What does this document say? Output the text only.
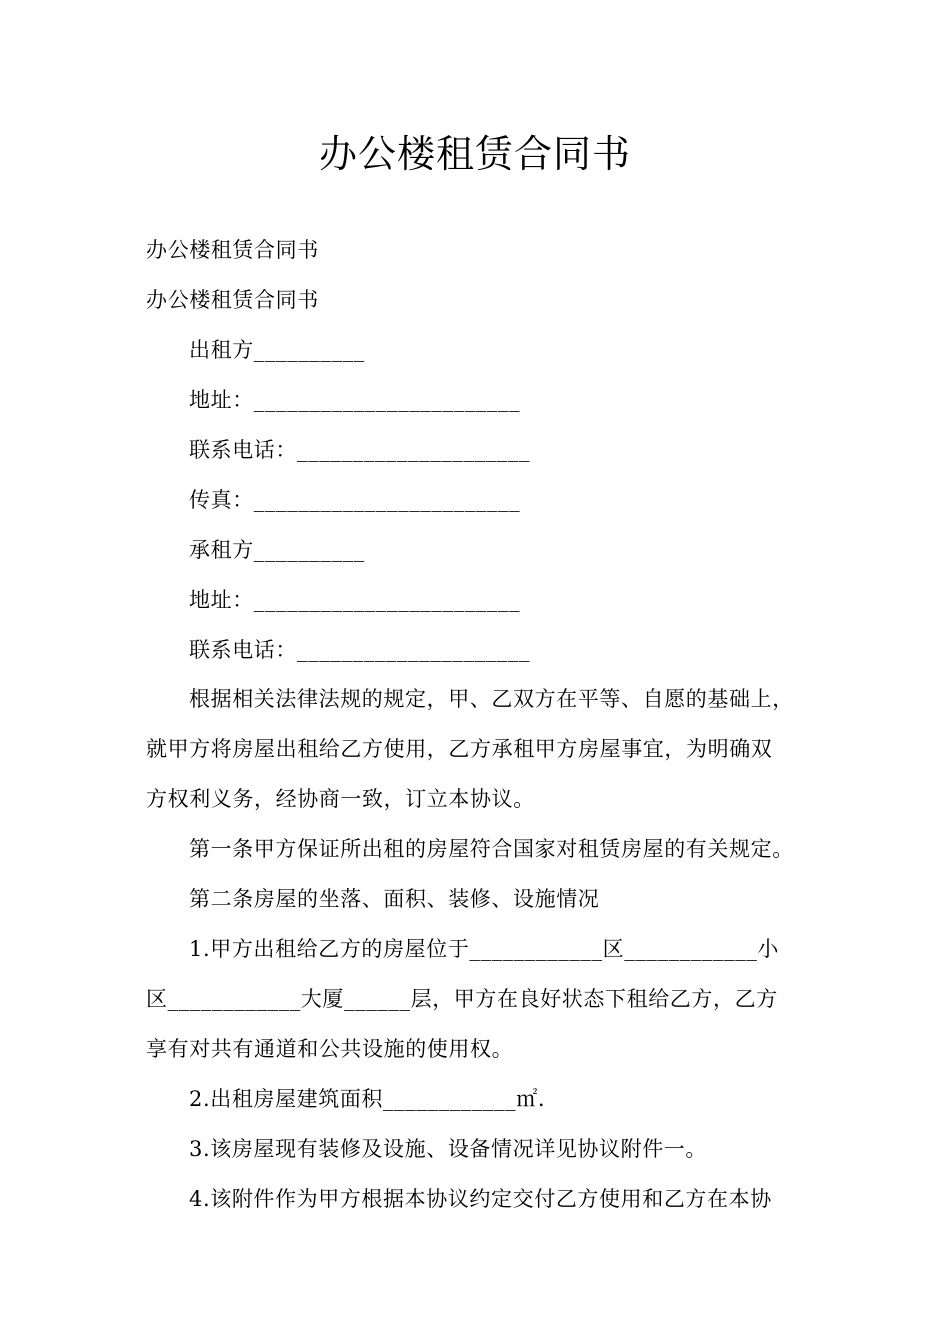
办公楼租赁合同书
办公楼租赁合同书
办公楼租赁合同书
出租方__________
地址：________________________
联系电话：_____________________
传真：________________________
承租方__________
地址：________________________
联系电话：_____________________
根据相关法律法规的规定，甲、乙双方在平等、自愿的基础上，
就甲方将房屋出租给乙方使用，乙方承租甲方房屋事宜，为明确双
方权利义务，经协商一致，订立本协议。
第一条甲方保证所出租的房屋符合国家对租赁房屋的有关规定。
第二条房屋的坐落、面积、装修、设施情况
1.甲方出租给乙方的房屋位于____________区____________小
区____________大厦______层，甲方在良好状态下租给乙方，乙方
享有对共有通道和公共设施的使用权。
2.出租房屋建筑面积____________㎡.
3.该房屋现有装修及设施、设备情况详见协议附件一。
4.该附件作为甲方根据本协议约定交付乙方使用和乙方在本协
